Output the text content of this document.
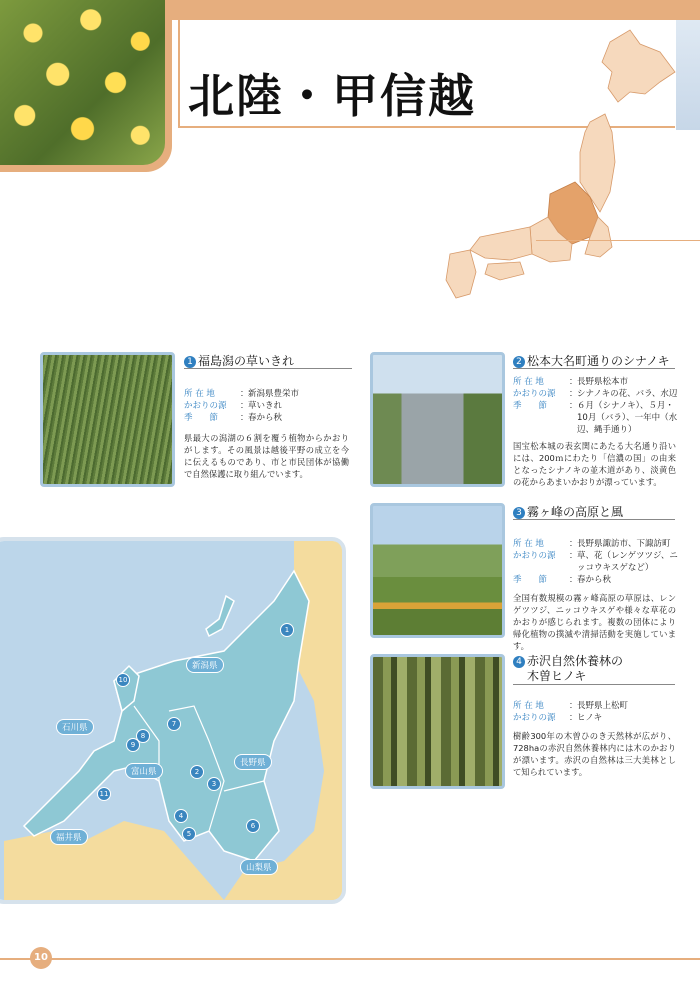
北陸・甲信越
1 福島潟の草いきれ
所 在 地	： 新潟県豊栄市
かおりの源	： 草いきれ
季　　節	： 春から秋
県最大の潟湖の６割を覆う植物からかおりがします。その風景は越後平野の成立を今に伝えるものであり、市と市民団体が協働で自然保護に取り組んでいます。
2 松本大名町通りのシナノキ
所 在 地	： 長野県松本市
かおりの源	： シナノキの花、バラ、水辺
季　　節	： ６月（シナノキ）、５月・10月（バラ）、一年中（水辺、縄手通り）
国宝松本城の表玄関にあたる大名通り沿いには、200ｍにわたり「信濃の国」の由来となったシナノキの並木道があり、淡黄色の花からあまいかおりが漂っています。
3 霧ヶ峰の高原と風
所 在 地	： 長野県諏訪市、下諏訪町
かおりの源	： 草、花（レンゲツツジ、ニッコウキスゲなど）
季　　節	： 春から秋
全国有数規模の霧ヶ峰高原の草原は、レンゲツツジ、ニッコウキスゲや様々な草花のかおりが感じられます。複数の団体により帰化植物の撲滅や清掃活動を実施しています。
4 赤沢自然休養林の
木曽ヒノキ
所 在 地	： 長野県上松町
かおりの源	： ヒノキ
樹齢300年の木曽ひのき天然林が広がり、728haの赤沢自然休養林内には木のかおりが漂います。赤沢の自然林は三大美林として知られています。
新潟県
石川県
富山県
長野県
福井県
山梨県
1
2
3
4
5
6
7
8
9
10
11
10
